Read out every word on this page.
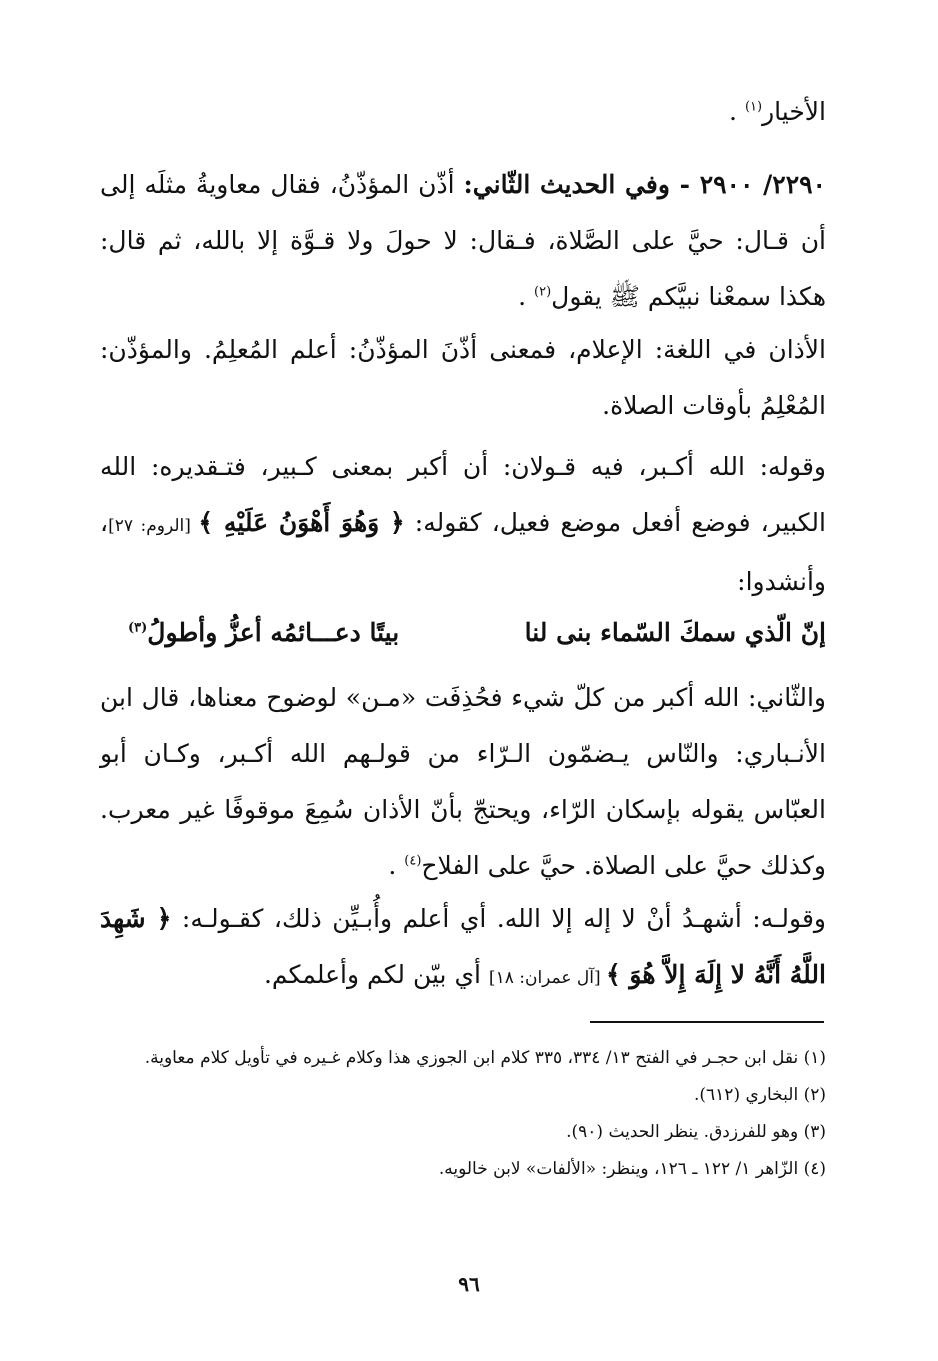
الأخيار$^{(١)}$ .

٢٢٩٠/ ٢٩٠٠ - وفي الحديث الثّاني: أذّن المؤذّنُ، فقال معاويةُ مثلَه إلى أن قـال: حيَّ على الصَّلاة، فـقال: لا حولَ ولا قـوَّة إلا بالله، ثم قال: هكذا سمعْنا نبيَّكم ﷺ يقول$^{(٢)}$ .

الأذان في اللغة: الإعلام، فمعنى أذّنَ المؤذّنُ: أعلم المُعلِمُ. والمؤذّن: المُعْلِمُ بأوقات الصلاة.

وقوله: الله أكـبر، فيه قـولان: أن أكبر بمعنى كـبير، فتـقديره: الله الكبير، فوضع أفعل موضع فعيل، كقوله: ﴿ وَهُوَ أَهْوَنُ عَلَيْهِ ﴾ [الروم: ٢٧]، وأنشدوا:

إنّ الّذي سمكَ السّماء بنى لنا
بيتًا دعـــائمُه أعزُّ وأطولُ$^{(٣)}$

والثّاني: الله أكبر من كلّ شيء فحُذِفَت «مـن» لوضوح معناها، قال ابن الأنـباري: والنّاس يـضمّون الـرّاء من قولـهم الله أكـبر، وكـان أبو العبّاس يقوله بإسكان الرّاء، ويحتجّ بأنّ الأذان سُمِعَ موقوفًا غير معرب. وكذلك حيَّ على الصلاة. حيَّ على الفلاح$^{(٤)}$ .

وقولـه: أشهـدُ أنْ لا إله إلا الله. أي أعلم وأُبـيِّن ذلك، كقـولـه: ﴿ شَهِدَ اللَّهُ أَنَّهُ لا إِلَهَ إِلاَّ هُوَ ﴾ [آل عمران: ١٨] أي بيّن لكم وأعلمكم.

(١) نقل ابن حجـر في الفتح ١٣/ ٣٣٤، ٣٣٥ كلام ابن الجوزي هذا وكلام غـيره في تأويل كلام معاوية.

(٢) البخاري (٦١٢).

(٣) وهو للفرزدق. ينظر الحديث (٩٠).

(٤) الزّاهر ١/ ١٢٢ ـ ١٢٦، وينظر: «الألفات» لابن خالويه.

٩٦
